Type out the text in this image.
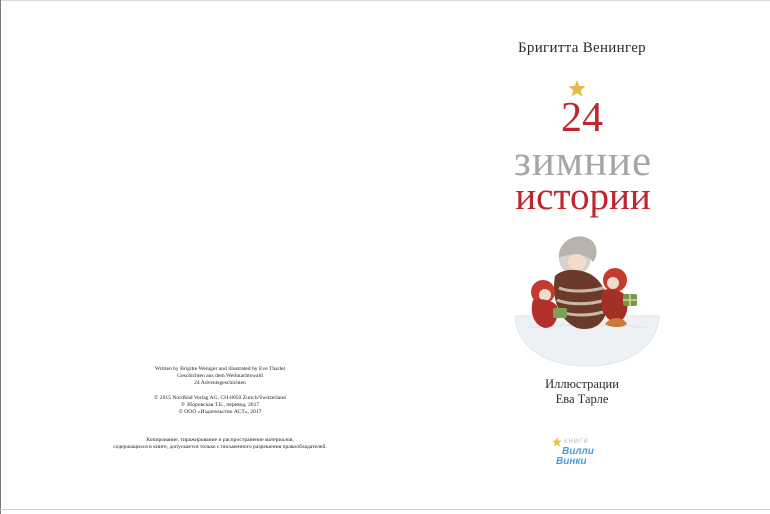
Written by Brigitte Weniger and illustrated by Eve Tharlet
Geschichten aus dem Weihnachtswald
24 Adventsgeschichten
© 2015 NordSüd Verlag AG, CH-8050 Zurich/Switzerland
© Зборовская Т.Б., перевод, 2017
© ООО «Издательство АСТ», 2017
Копирование, тиражирование и распространение материалов,
содержащихся в книге, допускается только с письменного разрешения правообладателей.
Бригитта Венингер
24
зимние
истории
Иллюстрации
Ева Тарле
КНИГИ
Вилли
Винки
